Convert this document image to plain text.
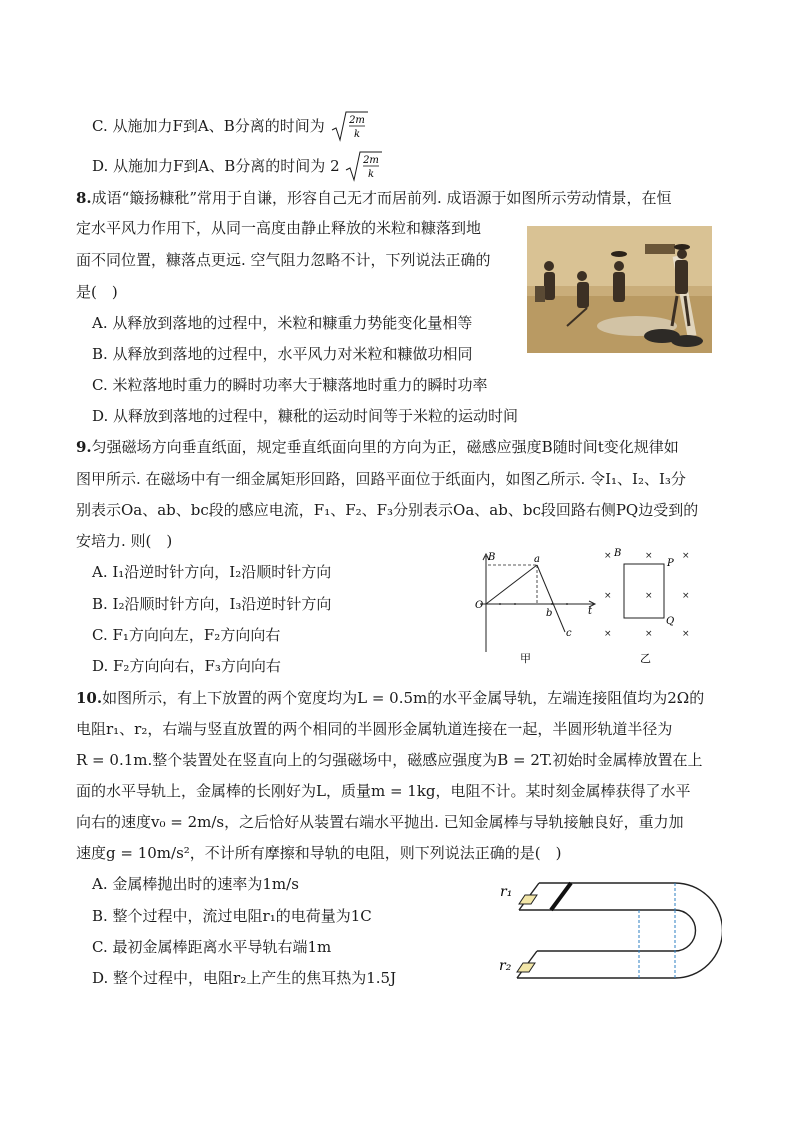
C. 从施加力F到A、B分离的时间为 2m
k
D. 从施加力F到A、B分离的时间为 2 2m
k
8.成语“簸扬糠秕”常用于自谦，形容自己无才而居前列. 成语源于如图所示劳动情景，在恒
定水平风力作用下，从同一高度由静止释放的米粒和糠落到地
面不同位置，糠落点更远. 空气阻力忽略不计，下列说法正确的
是(　)
A. 从释放到落地的过程中，米粒和糠重力势能变化量相等
B. 从释放到落地的过程中，水平风力对米粒和糠做功相同
C. 米粒落地时重力的瞬时功率大于糠落地时重力的瞬时功率
D. 从释放到落地的过程中，糠秕的运动时间等于米粒的运动时间
9.匀强磁场方向垂直纸面，规定垂直纸面向里的方向为正，磁感应强度B随时间t变化规律如
图甲所示. 在磁场中有一细金属矩形回路，回路平面位于纸面内，如图乙所示. 令I₁、I₂、I₃分
别表示Oa、ab、bc段的感应电流，F₁、F₂、F₃分别表示Oa、ab、bc段回路右侧PQ边受到的
安培力. 则(　)
A. I₁沿逆时针方向，I₂沿顺时针方向
B. I₂沿顺时针方向，I₃沿逆时针方向
C. F₁方向向左，F₂方向向右
D. F₂方向向右，F₃方向向右
B
O
t
a
b
c
甲
×	×	×
×	×	×
×	×	×
B
P
Q
乙
10.如图所示，有上下放置的两个宽度均为L = 0.5m的水平金属导轨，左端连接阻值均为2Ω的
电阻r₁、r₂，右端与竖直放置的两个相同的半圆形金属轨道连接在一起，半圆形轨道半径为
R = 0.1m.整个装置处在竖直向上的匀强磁场中，磁感应强度为B = 2T.初始时金属棒放置在上
面的水平导轨上，金属棒的长刚好为L，质量m = 1kg，电阻不计。某时刻金属棒获得了水平
向右的速度v₀ = 2m/s，之后恰好从装置右端水平抛出. 已知金属棒与导轨接触良好，重力加
速度g = 10m/s²，不计所有摩擦和导轨的电阻，则下列说法正确的是(　)
A. 金属棒抛出时的速率为1m/s
B. 整个过程中，流过电阻r₁的电荷量为1C
C. 最初金属棒距离水平导轨右端1m
D. 整个过程中，电阻r₂上产生的焦耳热为1.5J
r₁
r₂
